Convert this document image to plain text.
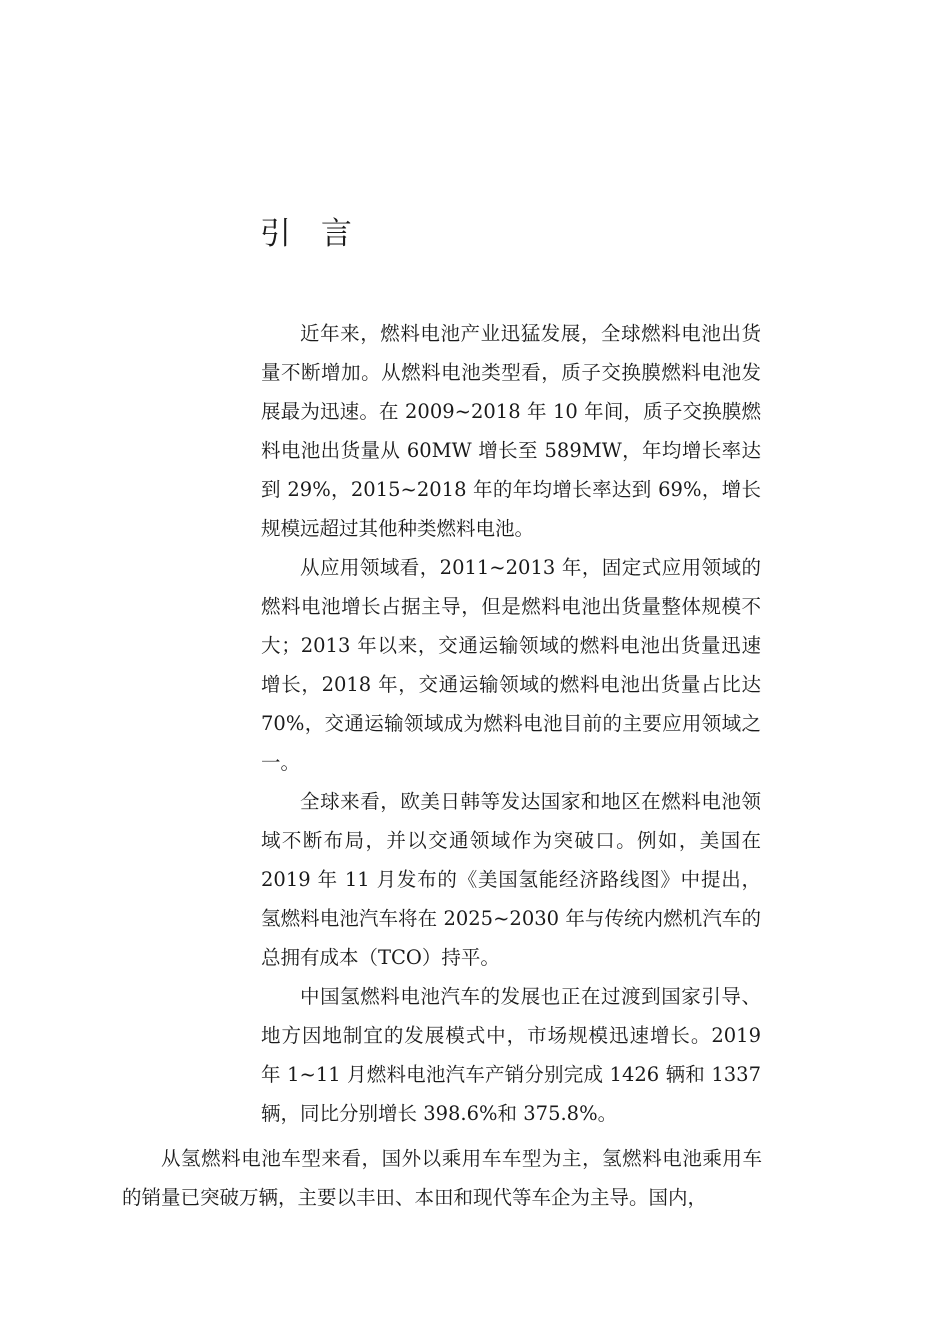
引 言

近年来，燃料电池产业迅猛发展，全球燃料电池出货量不断增加。从燃料电池类型看，质子交换膜燃料电池发展最为迅速。在 2009~2018 年 10 年间，质子交换膜燃料电池出货量从 60MW 增长至 589MW，年均增长率达到 29%，2015~2018 年的年均增长率达到 69%，增长规模远超过其他种类燃料电池。

从应用领域看，2011~2013 年，固定式应用领域的燃料电池增长占据主导，但是燃料电池出货量整体规模不大；2013 年以来，交通运输领域的燃料电池出货量迅速增长，2018 年，交通运输领域的燃料电池出货量占比达 70%，交通运输领域成为燃料电池目前的主要应用领域之一。

全球来看，欧美日韩等发达国家和地区在燃料电池领域不断布局，并以交通领域作为突破口。例如，美国在 2019 年 11 月发布的《美国氢能经济路线图》中提出，氢燃料电池汽车将在 2025~2030 年与传统内燃机汽车的总拥有成本（TCO）持平。

中国氢燃料电池汽车的发展也正在过渡到国家引导、地方因地制宜的发展模式中，市场规模迅速增长。2019 年 1~11 月燃料电池汽车产销分别完成 1426 辆和 1337 辆，同比分别增长 398.6%和 375.8%。

从氢燃料电池车型来看，国外以乘用车车型为主，氢燃料电池乘用车的销量已突破万辆，主要以丰田、本田和现代等车企为主导。国内，
